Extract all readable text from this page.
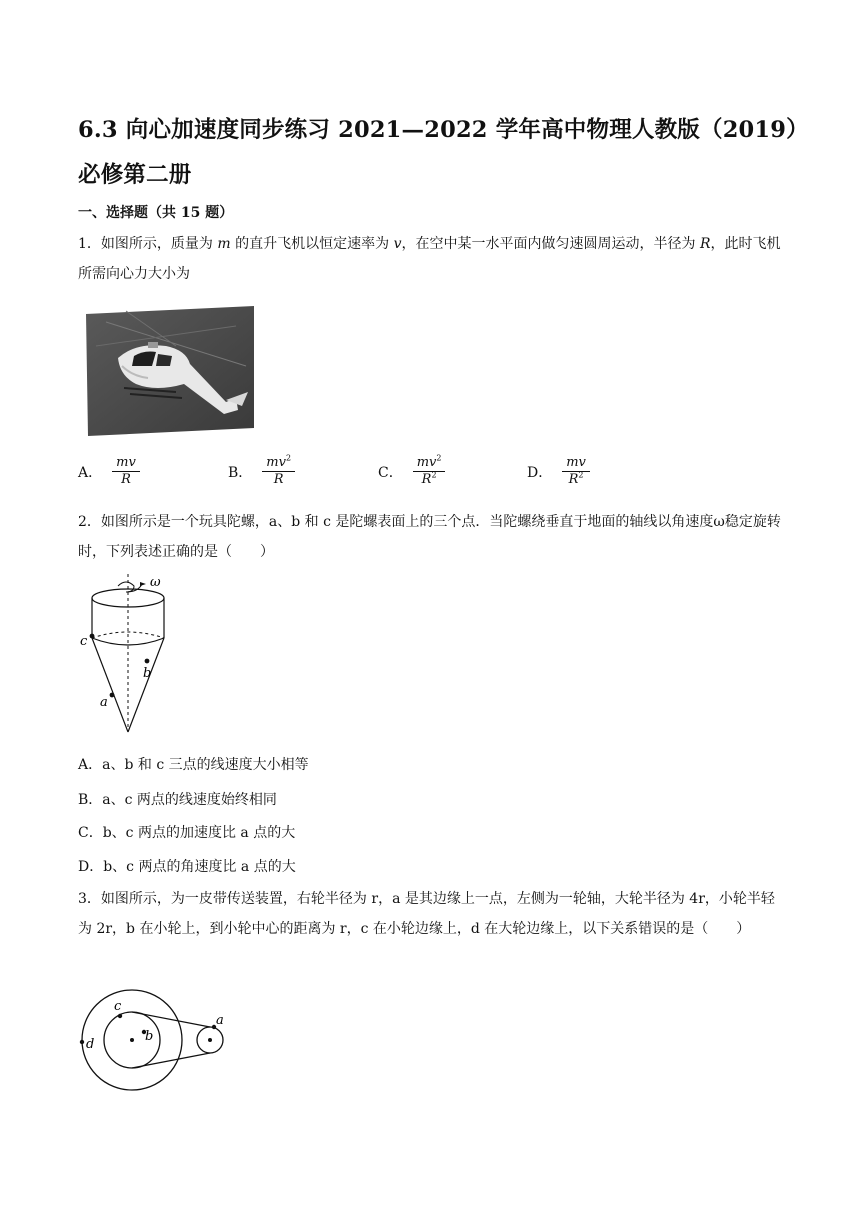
6.3 向心加速度同步练习 2021—2022 学年高中物理人教版（2019）必修第二册
一、选择题（共 15 题）
1．如图所示，质量为 m 的直升飞机以恒定速率为 v，在空中某一水平面内做匀速圆周运动，半径为 R，此时飞机所需向心力大小为
A． $\frac{mv}{R}$	B． $\frac{mv^2}{R}$	C． $\frac{mv^2}{R^2}$	D． $\frac{mv}{R^2}$
2．如图所示是一个玩具陀螺，a、b 和 c 是陀螺表面上的三个点．当陀螺绕垂直于地面的轴线以角速度ω稳定旋转时，下列表述正确的是（　　）
ω
c
b
a
A．a、b 和 c 三点的线速度大小相等
B．a、c 两点的线速度始终相同
C．b、c 两点的加速度比 a 点的大
D．b、c 两点的角速度比 a 点的大
3．如图所示，为一皮带传送装置，右轮半径为 r，a 是其边缘上一点，左侧为一轮轴，大轮半径为 4r，小轮半轻为 2r，b 在小轮上，到小轮中心的距离为 r，c 在小轮边缘上，d 在大轮边缘上，以下关系错误的是（　　）
c
b
d
a
